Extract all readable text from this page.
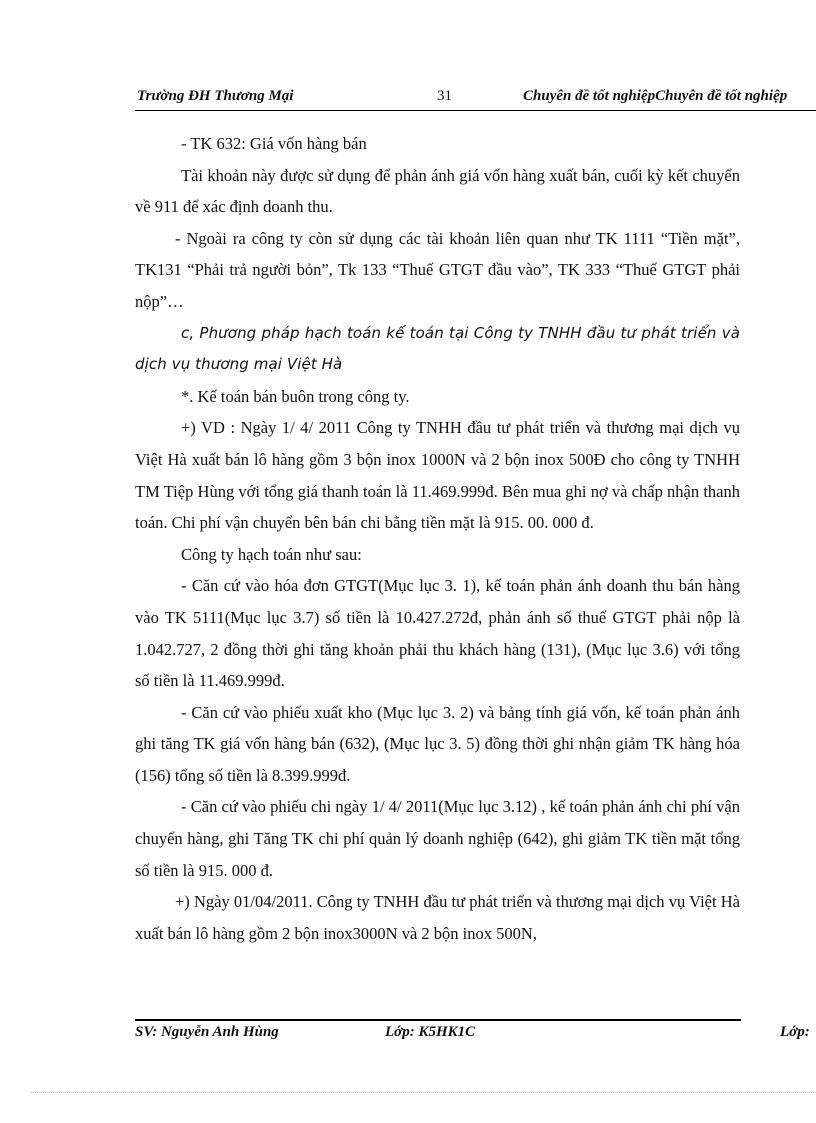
Trường ĐH Thương Mại	31	Chuyên đề tốt nghiệpChuyên đề tốt nghiệp

- TK 632: Giá vốn hàng bán

Tài khoản này được sử dụng để phản ánh giá vốn hàng xuất bán, cuối kỳ kết chuyển về 911 để xác định doanh thu.

- Ngoài ra công ty còn sử dụng các tài khoản liên quan như TK 1111 “Tiền mặt”, TK131 “Phải trả người bỏn”, Tk 133 “Thuế GTGT đầu vào”, TK 333 “Thuế GTGT phải nộp”…

c, Phương pháp hạch toán kế toán tại Công ty TNHH đầu tư phát triển và dịch vụ thương mại Việt Hà

*. Kế toán bán buôn trong công ty.

+) VD : Ngày 1/ 4/ 2011 Công ty TNHH đầu tư phát triển và thương mại dịch vụ Việt Hà xuất bán lô hàng gồm 3 bộn inox 1000N và 2 bộn inox 500Đ cho công ty TNHH TM Tiệp Hùng với tổng giá thanh toán là 11.469.999đ. Bên mua ghi nợ và chấp nhận thanh toán. Chi phí vận chuyển bên bán chi bằng tiền mặt là 915. 00. 000 đ.

Công ty hạch toán như sau:

- Căn cứ vào hóa đơn GTGT(Mục lục 3. 1), kế toán phản ánh doanh thu bán hàng vào TK 5111(Mục lục 3.7) số tiền là 10.427.272đ, phản ánh số thuế GTGT phải nộp là 1.042.727, 2 đồng thời ghi tăng khoản phải thu khách hàng (131), (Mục lục 3.6) với tổng số tiền là 11.469.999đ.

- Căn cứ vào phiếu xuất kho (Mục lục 3. 2) và bảng tính giá vốn, kế toán phản ánh ghi tăng TK giá vốn hàng bán (632), (Mục lục 3. 5) đồng thời ghi nhận giảm TK hàng hóa (156) tổng số tiền là 8.399.999đ.

- Căn cứ vào phiếu chi ngày 1/ 4/ 2011(Mục lục 3.12) , kế toán phản ánh chi phí vận chuyển hàng, ghi Tăng TK chi phí quản lý doanh nghiệp (642), ghi giảm TK tiền mặt tổng số tiền là 915. 000 đ.

+) Ngày 01/04/2011. Công ty TNHH đầu tư phát triển và thương mại dịch vụ Việt Hà xuất bán lô hàng gồm 2 bộn inox3000N và 2 bộn inox 500N,

SV: Nguyễn Anh Hùng	Lớp: K5HK1C	Lớp:
